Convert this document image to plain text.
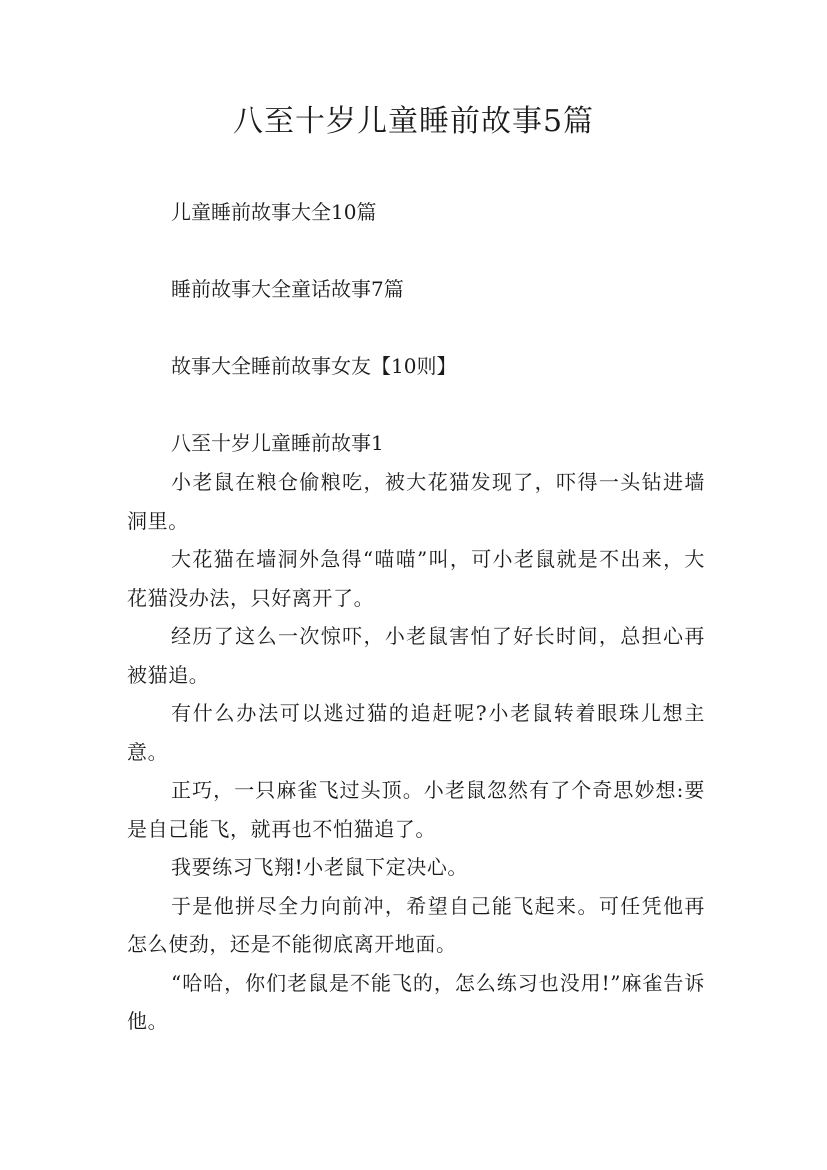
八至十岁儿童睡前故事5篇
儿童睡前故事大全10篇
睡前故事大全童话故事7篇
故事大全睡前故事女友【10则】
八至十岁儿童睡前故事1

小老鼠在粮仓偷粮吃，被大花猫发现了，吓得一头钻进墙洞里。

大花猫在墙洞外急得“喵喵”叫，可小老鼠就是不出来，大花猫没办法，只好离开了。

经历了这么一次惊吓，小老鼠害怕了好长时间，总担心再被猫追。

有什么办法可以逃过猫的追赶呢?小老鼠转着眼珠儿想主意。

正巧，一只麻雀飞过头顶。小老鼠忽然有了个奇思妙想:要是自己能飞，就再也不怕猫追了。

我要练习飞翔!小老鼠下定决心。

于是他拼尽全力向前冲，希望自己能飞起来。可任凭他再怎么使劲，还是不能彻底离开地面。

“哈哈，你们老鼠是不能飞的，怎么练习也没用!”麻雀告诉他。
